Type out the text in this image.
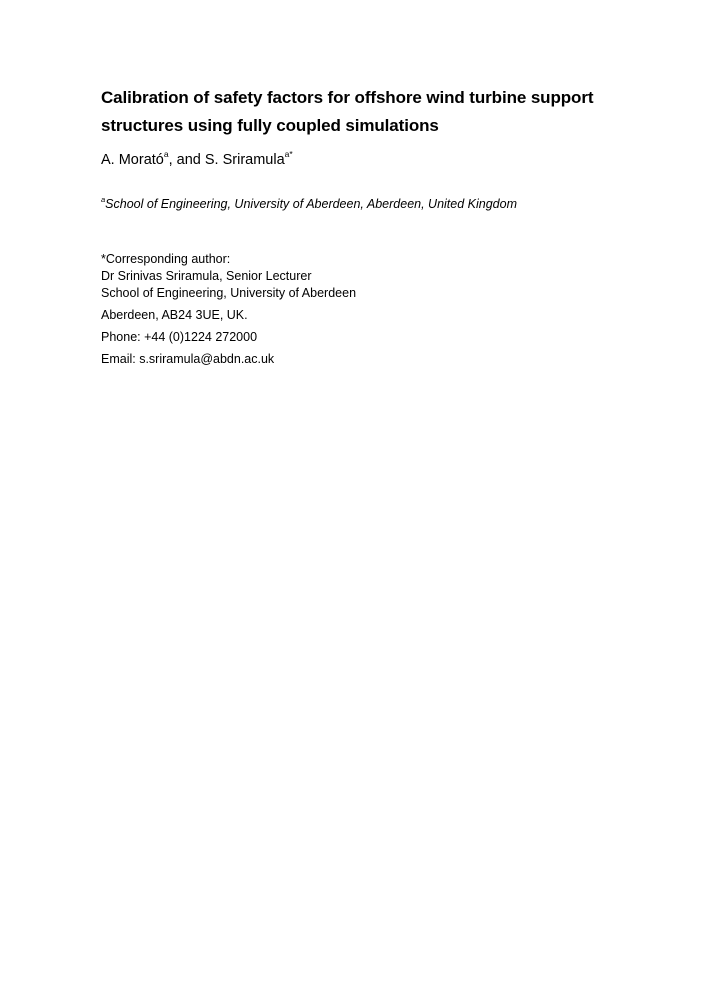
Calibration of safety factors for offshore wind turbine support
structures using fully coupled simulations

A. Morató$^a$, and S. Sriramula$^{a*}$

$^a$School of Engineering, University of Aberdeen, Aberdeen, United Kingdom

*Corresponding author:
Dr Srinivas Sriramula, Senior Lecturer
School of Engineering, University of Aberdeen
Aberdeen, AB24 3UE, UK.
Phone: +44 (0)1224 272000
Email: s.sriramula@abdn.ac.uk
